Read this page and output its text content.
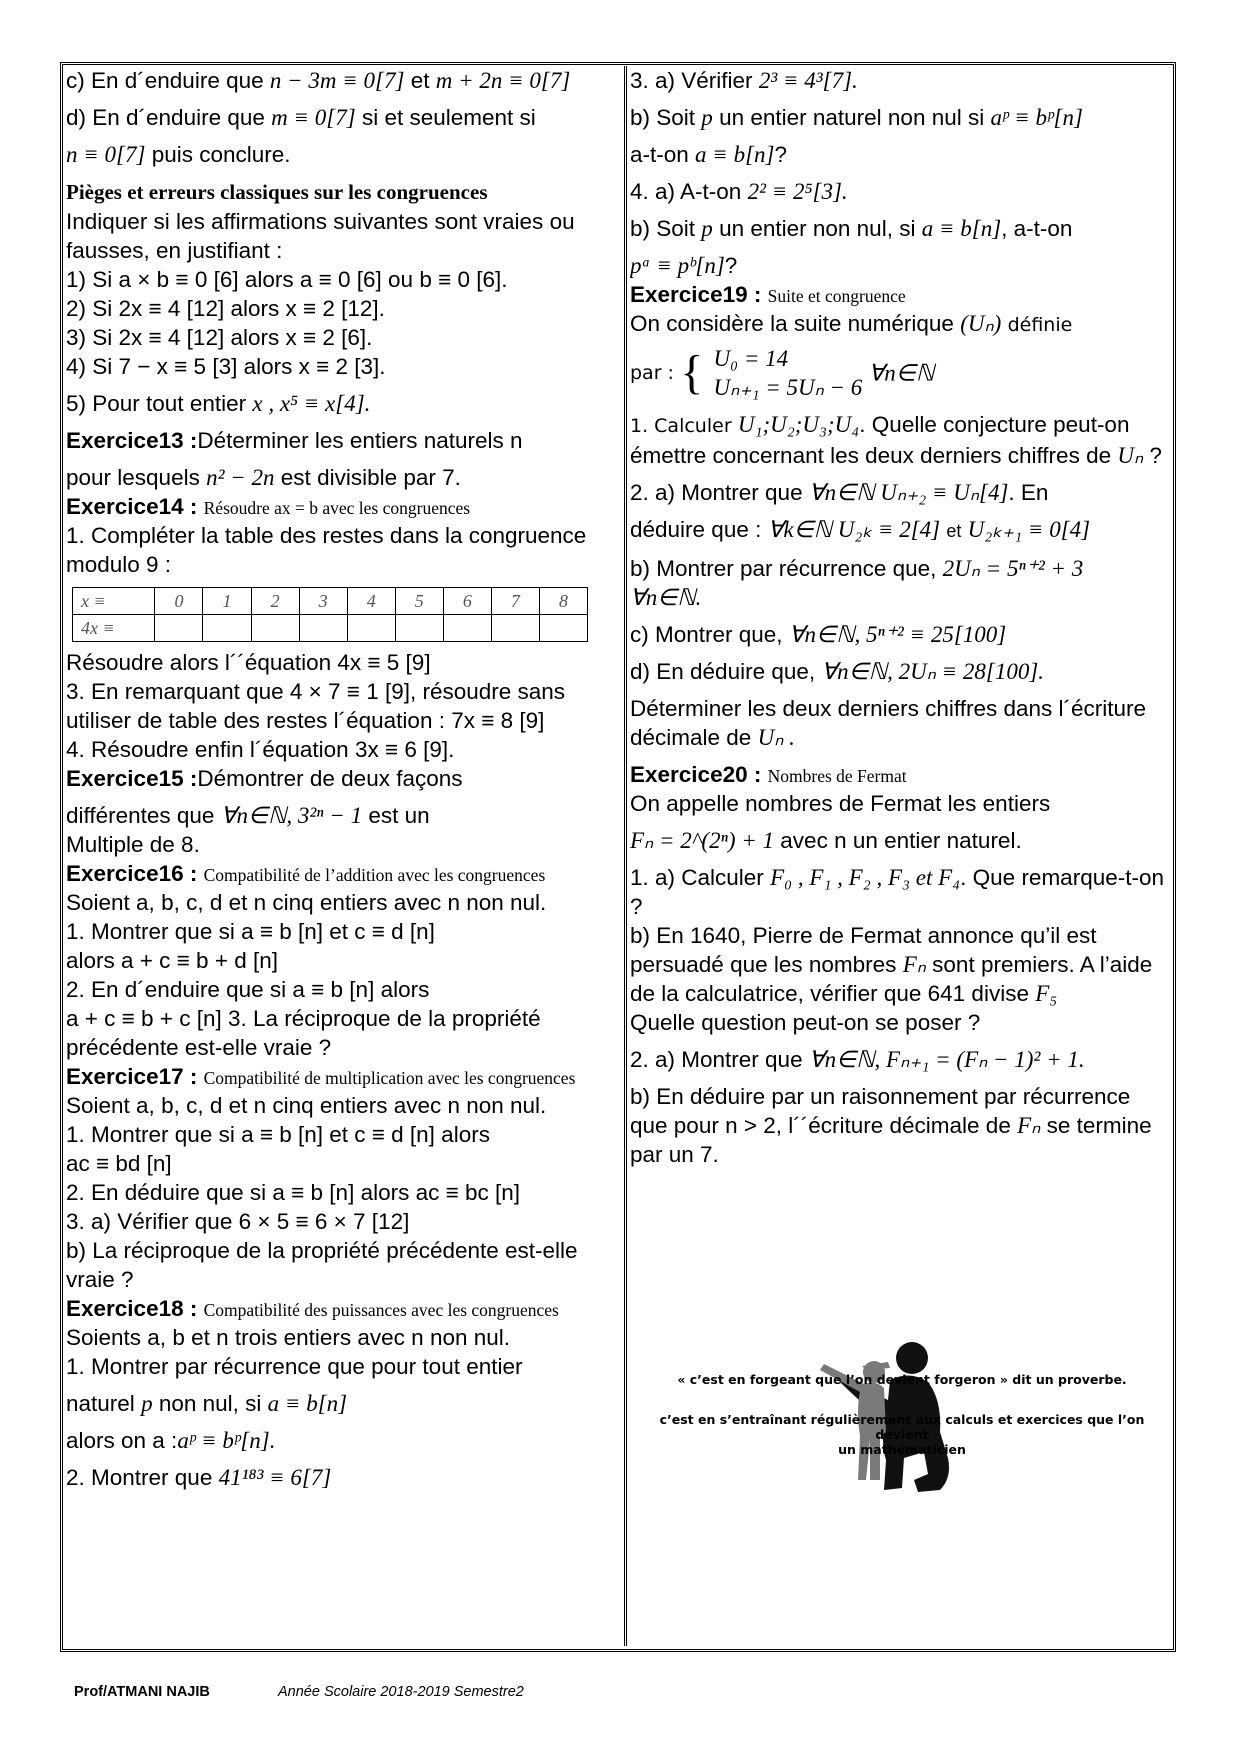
c) En d´enduire que n − 3m ≡ 0[7] et m + 2n ≡ 0[7]

d) En d´enduire que m ≡ 0[7] si et seulement si

n ≡ 0[7] puis conclure.

Pièges et erreurs classiques sur les congruences

Indiquer si les affirmations suivantes sont vraies ou fausses, en justifiant :

1) Si a × b ≡ 0 [6] alors a ≡ 0 [6] ou b ≡ 0 [6].

2) Si 2x ≡ 4 [12] alors x ≡ 2 [12].

3) Si 2x ≡ 4 [12] alors x ≡ 2 [6].

4) Si 7 − x ≡ 5 [3] alors x ≡ 2 [3].

5) Pour tout entier x , x⁵ ≡ x[4].

Exercice13 :Déterminer les entiers naturels n

pour lesquels n² − 2n est divisible par 7.

Exercice14 : Résoudre ax = b avec les congruences

1. Compléter la table des restes dans la congruence modulo 9 :

x ≡	0	1	2	3	4	5	6	7	8
4x ≡									

Résoudre alors l´´équation 4x ≡ 5 [9]

3. En remarquant que 4 × 7 ≡ 1 [9], résoudre sans utiliser de table des restes l´équation : 7x ≡ 8 [9]

4. Résoudre enfin l´équation 3x ≡ 6 [9].

Exercice15 :Démontrer de deux façons

différentes que ∀n∈ℕ, 3²ⁿ − 1 est un

Multiple de 8.

Exercice16 : Compatibilité de l’addition avec les congruences

Soient a, b, c, d et n cinq entiers avec n non nul.

1. Montrer que si a ≡ b [n] et c ≡ d [n]

alors a + c ≡ b + d [n]

2. En d´enduire que si a ≡ b [n] alors

a + c ≡ b + c [n] 3. La réciproque de la propriété précédente est-elle vraie ?

Exercice17 : Compatibilité de multiplication avec les congruences

Soient a, b, c, d et n cinq entiers avec n non nul.

1. Montrer que si a ≡ b [n] et c ≡ d [n] alors

ac ≡ bd [n]

2. En déduire que si a ≡ b [n] alors ac ≡ bc [n]

3. a) Vérifier que 6 × 5 ≡ 6 × 7 [12]

b) La réciproque de la propriété précédente est-elle vraie ?

Exercice18 : Compatibilité des puissances avec les congruences

Soients a, b et n trois entiers avec n non nul.

1. Montrer par récurrence que pour tout entier

naturel p non nul, si a ≡ b[n]

alors on a :aᵖ ≡ bᵖ[n].

2. Montrer que 41¹⁸³ ≡ 6[7]

3. a) Vérifier 2³ ≡ 4³[7].

b) Soit p un entier naturel non nul si aᵖ ≡ bᵖ[n]

a-t-on a ≡ b[n]?

4. a) A-t-on 2² ≡ 2⁵[3].

b) Soit p un entier non nul, si a ≡ b[n], a-t-on

pᵃ ≡ pᵇ[n]?

Exercice19 : Suite et congruence

On considère la suite numérique (Uₙ) définie

par : { U₀ = 14
Uₙ₊₁ = 5Uₙ − 6
∀n∈ℕ

1. Calculer U₁;U₂;U₃;U₄. Quelle conjecture peut-on émettre concernant les deux derniers chiffres de Uₙ ?

2. a) Montrer que ∀n∈ℕ Uₙ₊₂ ≡ Uₙ[4]. En

déduire que : ∀k∈ℕ U₂ₖ ≡ 2[4] et U₂ₖ₊₁ ≡ 0[4]

b) Montrer par récurrence que, 2Uₙ = 5ⁿ⁺² + 3

∀n∈ℕ.

c) Montrer que, ∀n∈ℕ, 5ⁿ⁺² ≡ 25[100]

d) En déduire que, ∀n∈ℕ, 2Uₙ ≡ 28[100].

Déterminer les deux derniers chiffres dans l´écriture décimale de Uₙ .

Exercice20 : Nombres de Fermat

On appelle nombres de Fermat les entiers

Fₙ = 2^(2ⁿ) + 1 avec n un entier naturel.

1. a) Calculer F₀ , F₁ , F₂ , F₃ et F₄. Que remarque-t-on ?

b) En 1640, Pierre de Fermat annonce qu’il est persuadé que les nombres Fₙ sont premiers. A l’aide de la calculatrice, vérifier que 641 divise F₅

Quelle question peut-on se poser ?

2. a) Montrer que ∀n∈ℕ, Fₙ₊₁ = (Fₙ − 1)² + 1.

b) En déduire par un raisonnement par récurrence que pour n > 2, l´´écriture décimale de Fₙ se termine par un 7.

« c’est en forgeant que l’on devient forgeron » dit un proverbe.
c’est en s’entraînant régulièrement aux calculs et exercices que l’on devient
un mathématicien
Prof/ATMANI NAJIB	Année Scolaire 2018-2019 Semestre2
